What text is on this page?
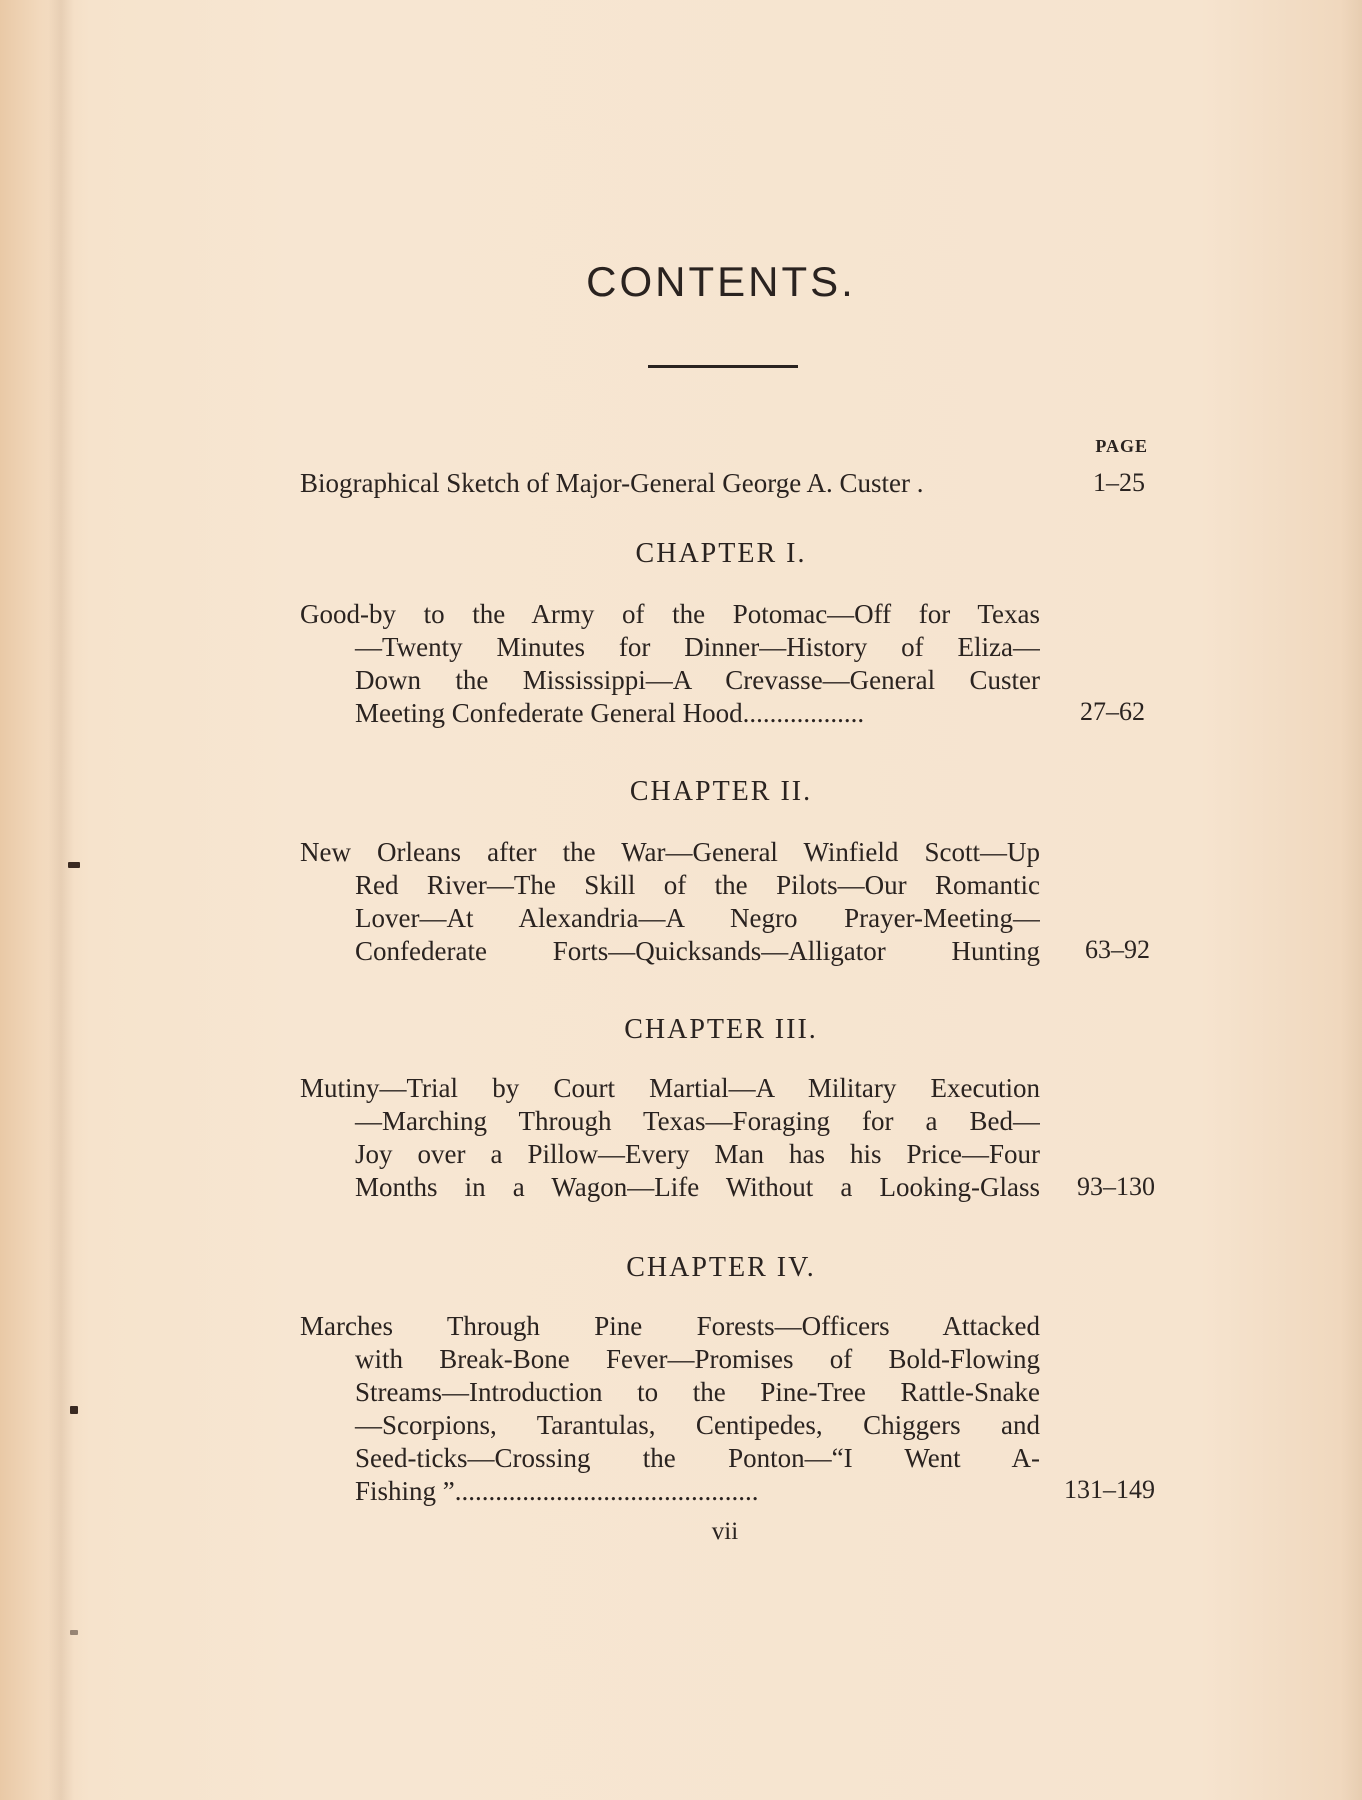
CONTENTS.
PAGE
Biographical Sketch of Major-General George A. Custer .	1–25
CHAPTER I.
Good-by to the Army of the Potomac—Off for Texas
—Twenty Minutes for Dinner—History of Eliza—
Down the Mississippi—A Crevasse—General Custer
Meeting Confederate General Hood..................	27–62
CHAPTER II.
New Orleans after the War—General Winfield Scott—Up
Red River—The Skill of the Pilots—Our Romantic
Lover—At Alexandria—A Negro Prayer-Meeting—
Confederate Forts—Quicksands—Alligator Hunting	63–92
CHAPTER III.
Mutiny—Trial by Court Martial—A Military Execution
—Marching Through Texas—Foraging for a Bed—
Joy over a Pillow—Every Man has his Price—Four
Months in a Wagon—Life Without a Looking-Glass	93–130
CHAPTER IV.
Marches Through Pine Forests—Officers Attacked
with Break-Bone Fever—Promises of Bold-Flowing
Streams—Introduction to the Pine-Tree Rattle-Snake
—Scorpions, Tarantulas, Centipedes, Chiggers and
Seed-ticks—Crossing the Ponton—“I Went A-
Fishing ”.............................................	131–149
vii
